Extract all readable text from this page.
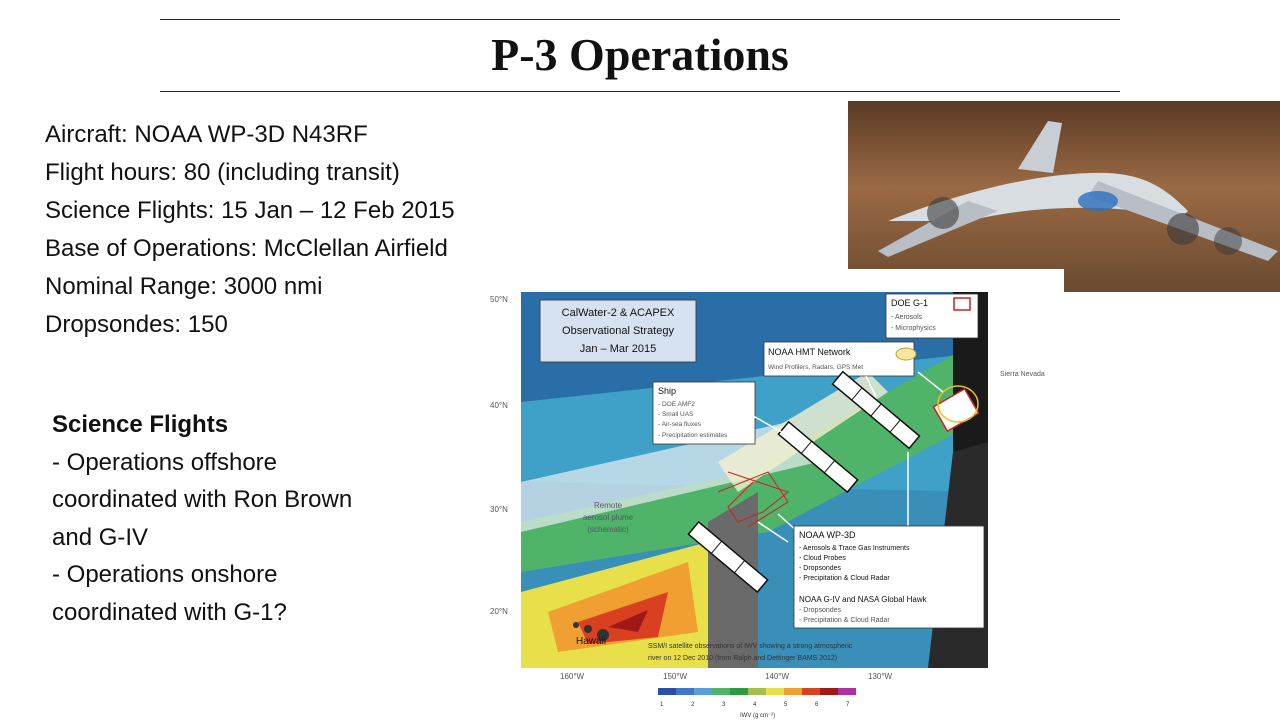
P-3 Operations
Aircraft: NOAA WP-3D N43RF
Flight hours: 80 (including transit)
Science Flights: 15 Jan – 12 Feb 2015
Base of Operations: McClellan Airfield
Nominal Range: 3000 nmi
Dropsondes: 150
Science Flights
- Operations offshore
coordinated with Ron Brown
and G-IV
- Operations onshore
coordinated with G-1?
50°N
40°N
30°N
20°N
160°W	150°W	140°W	130°W
CalWater-2 & ACAPEX
Observational Strategy
Jan – Mar 2015
DOE G-1
- Aerosols
- Microphysics
NOAA HMT Network
Wind Profilers, Radars, GPS Met
Ship
- DOE AMF2
- Small UAS
- Air-sea fluxes
- Precipitation estimates
Sierra Nevada
Remote
aerosol plume
(schematic)
NOAA WP-3D
- Aerosols & Trace Gas Instruments
- Cloud Probes
- Dropsondes
- Precipitation & Cloud Radar
NOAA G-IV and NASA Global Hawk
- Dropsondes
- Precipitation & Cloud Radar
Hawaii	SSM/I satellite observations of IWV showing a strong atmospheric
river on 12 Dec 2010 (from Ralph and Dettinger BAMS 2012)
1	2	3	4	5	6	7
IWV (g cm⁻²)
